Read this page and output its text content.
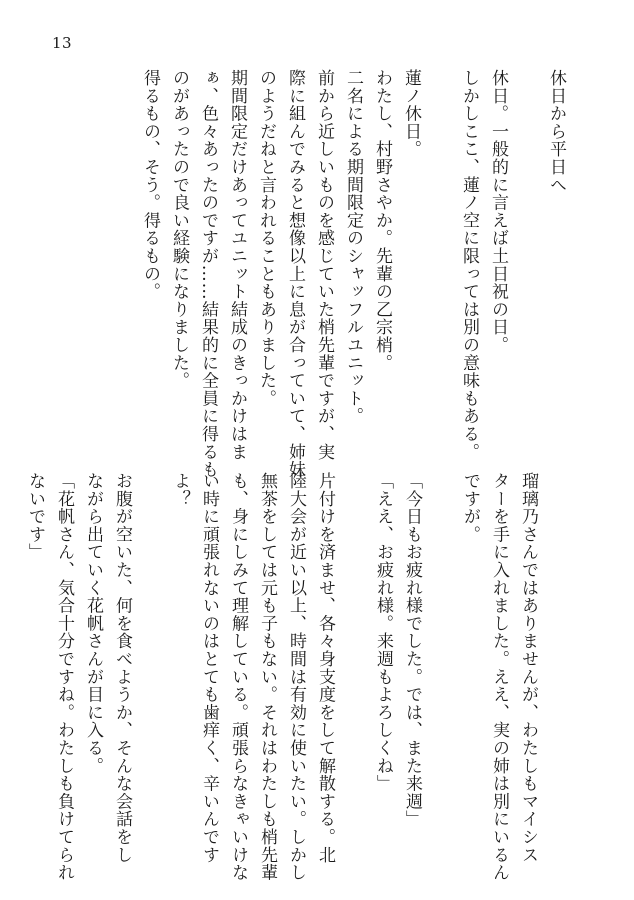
13

休日から平日へ

休日。一般的に言えば土日祝の日。

しかしここ、蓮ノ空に限っては別の意味もある。

蓮ノ休日。

わたし、村野さやか。先輩の乙宗梢。

二名による期間限定のシャッフルユニット。

前から近しいものを感じていた梢先輩ですが、実

際に組んでみると想像以上に息が合っていて、姉妹

のようだねと言われることもありました。

期間限定だけあってユニット結成のきっかけはま

ぁ、色々あったのですが……結果的に全員に得るも

のがあったので良い経験になりました。

得るもの、そう。得るもの。

瑠璃乃さんではありませんが、わたしもマイシス

ターを手に入れました。ええ、実の姉は別にいるん

ですが。

「今日もお疲れ様でした。では、また来週」

「ええ、お疲れ様。来週もよろしくね」

片付けを済ませ、各々身支度をして解散する。北

陸大会が近い以上、時間は有効に使いたい。しかし

無茶をしては元も子もない。それはわたしも梢先輩

も、身にしみて理解している。頑張らなきゃいけな

い時に頑張れないのはとても歯痒く、辛いんです

よ？

お腹が空いた、何を食べようか、そんな会話をし

ながら出ていく花帆さんが目に入る。

「花帆さん、気合十分ですね。わたしも負けてられ

ないです」
